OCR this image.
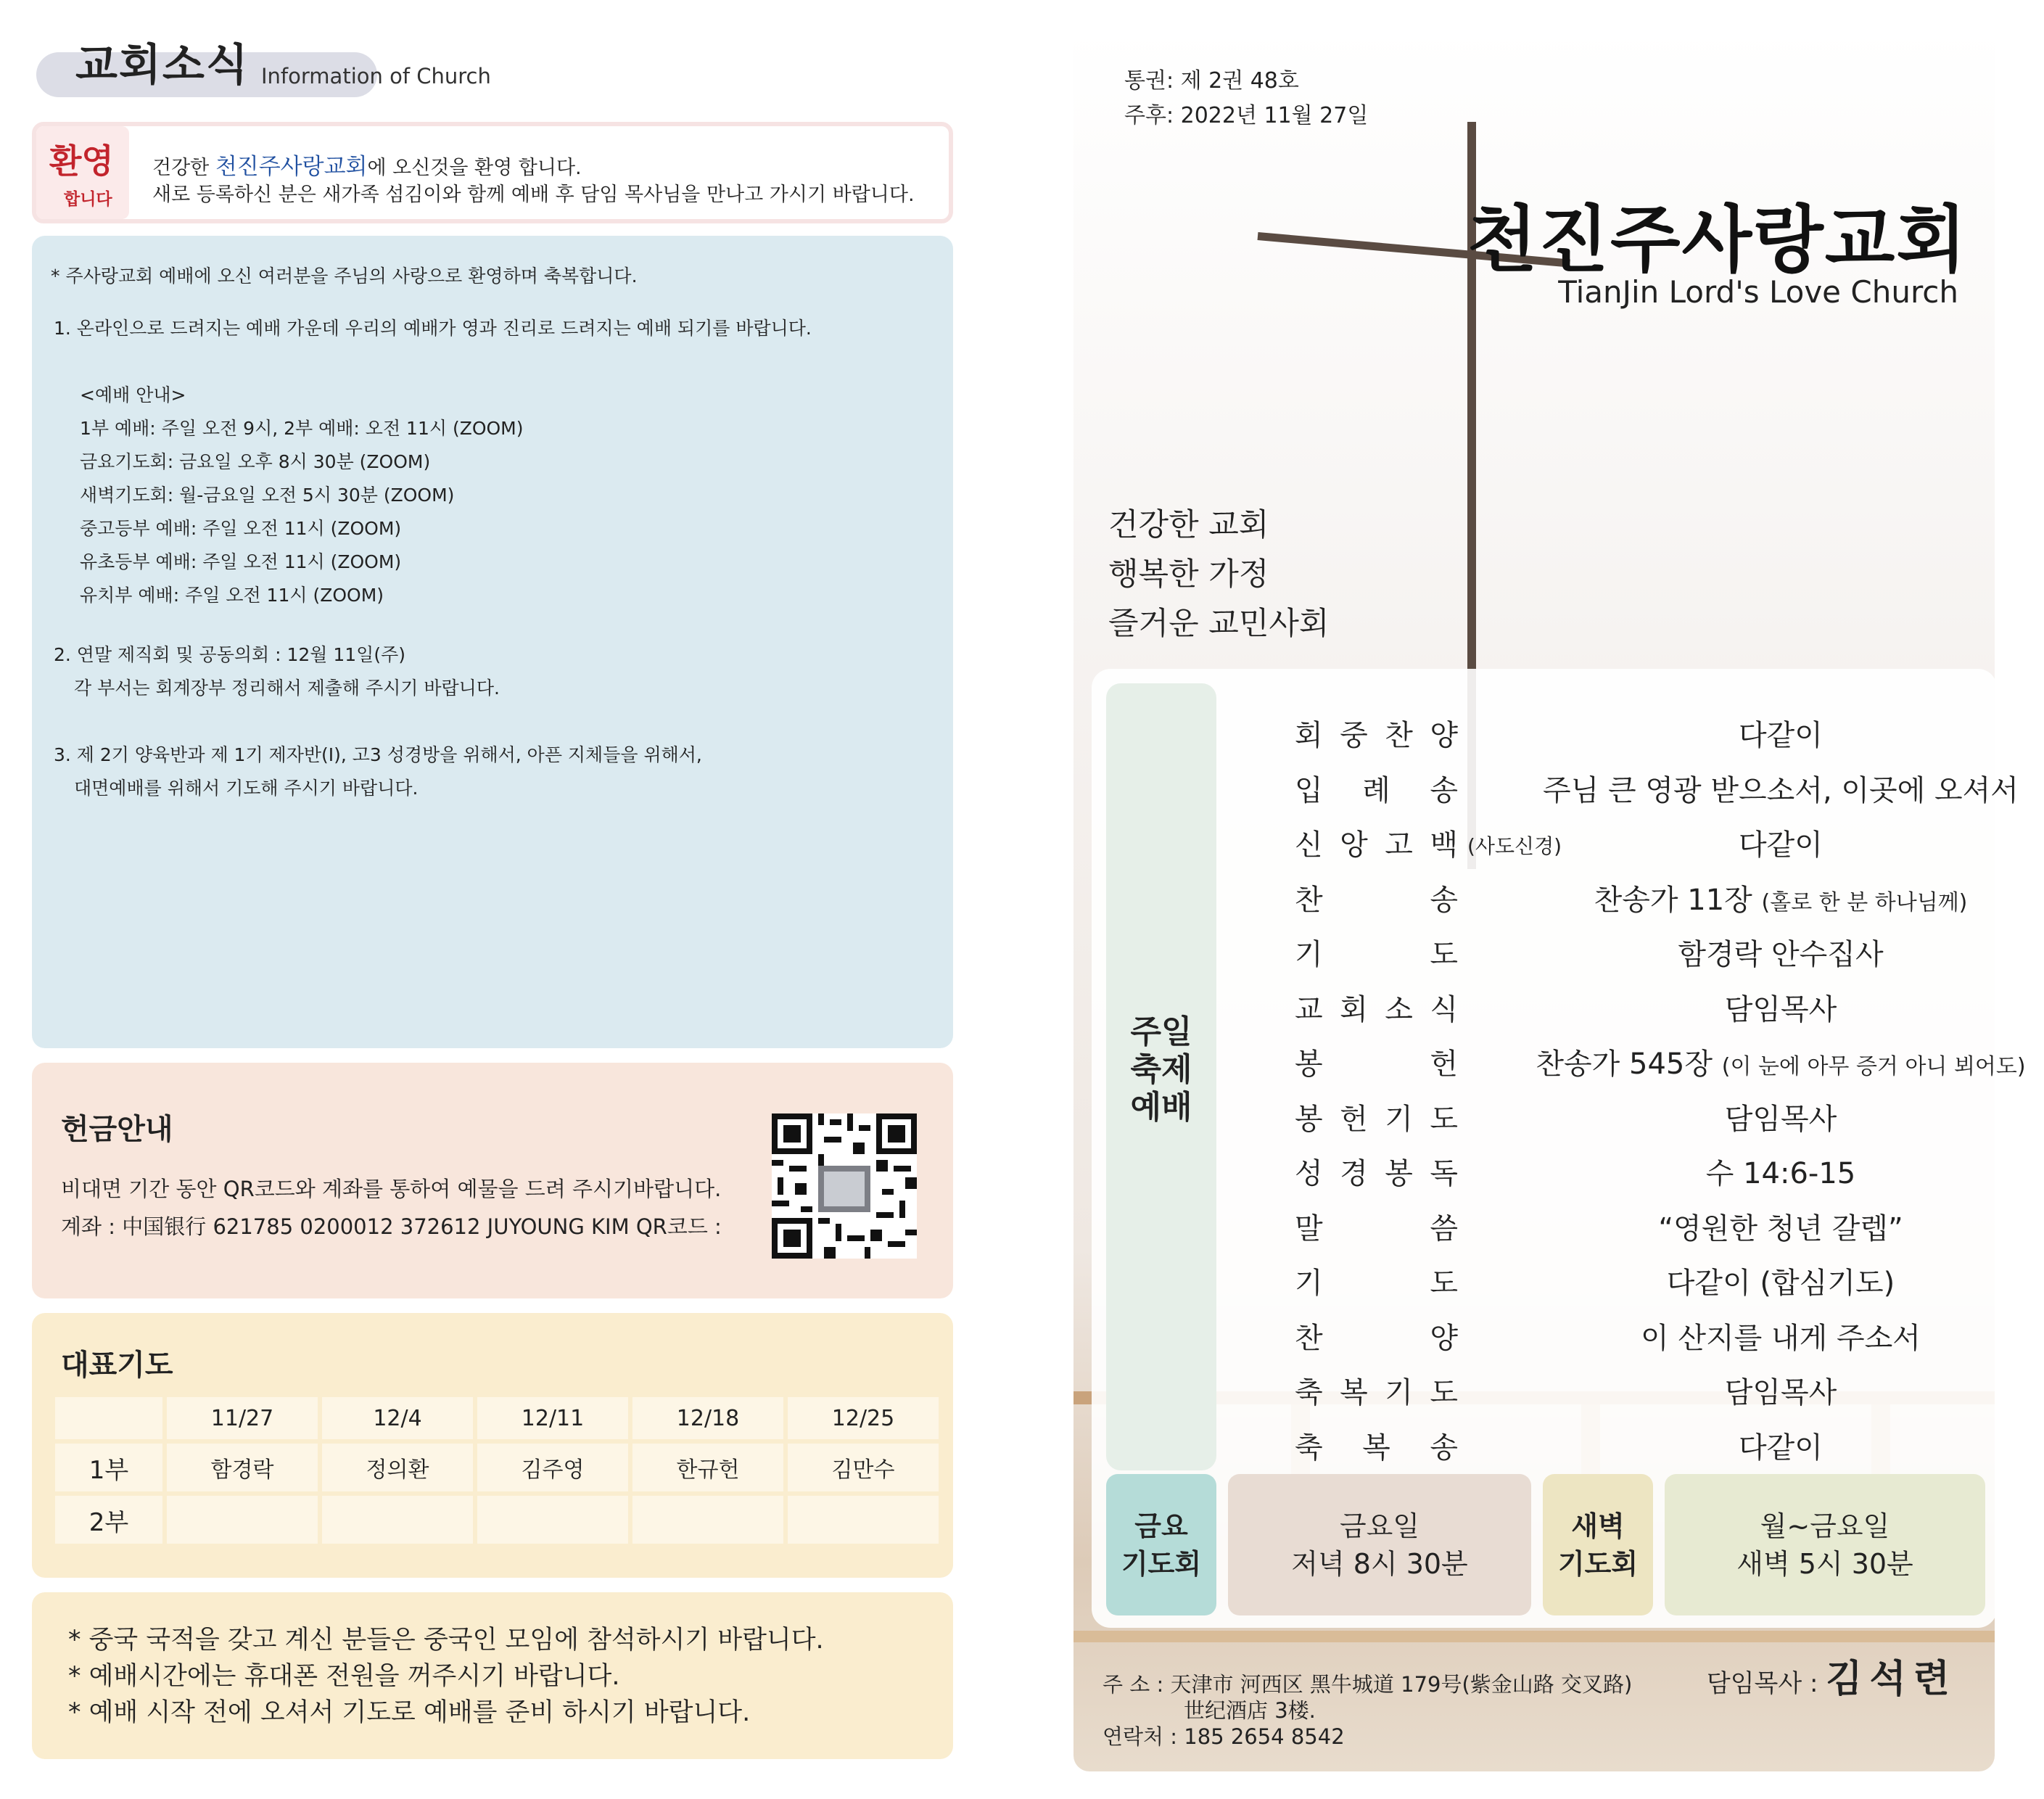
교회소식 Information of Church
환영
합니다
건강한 천진주사랑교회에 오신것을 환영 합니다.
새로 등록하신 분은 새가족 섬김이와 함께 예배 후 담임 목사님을 만나고 가시기 바랍니다.
* 주사랑교회 예배에 오신 여러분을 주님의 사랑으로 환영하며 축복합니다.
1. 온라인으로 드려지는 예배 가운데 우리의 예배가 영과 진리로 드려지는 예배 되기를 바랍니다.
<예배 안내>
1부 예배: 주일 오전 9시, 2부 예배: 오전 11시 (ZOOM)
금요기도회: 금요일 오후 8시 30분 (ZOOM)
새벽기도회: 월-금요일 오전 5시 30분 (ZOOM)
중고등부 예배: 주일 오전 11시 (ZOOM)
유초등부 예배: 주일 오전 11시 (ZOOM)
유치부 예배: 주일 오전 11시 (ZOOM)
2. 연말 제직회 및 공동의회 : 12월 11일(주)
각 부서는 회계장부 정리해서 제출해 주시기 바랍니다.
3. 제 2기 양육반과 제 1기 제자반(Ⅰ), 고3 성경방을 위해서, 아픈 지체들을 위해서,
대면예배를 위해서 기도해 주시기 바랍니다.
헌금안내
비대면 기간 동안 QR코드와 계좌를 통하여 예물을 드려 주시기바랍니다.
계좌 : 中国银行 621785 0200012 372612 JUYOUNG KIM QR코드 :
대표기도
	11/27	12/4	12/11	12/18	12/25
1부	함경락	정의환	김주영	한규헌	김만수
2부					
* 중국 국적을 갖고 계신 분들은 중국인 모임에 참석하시기 바랍니다.
* 예배시간에는 휴대폰 전원을 꺼주시기 바랍니다.
* 예배 시작 전에 오셔서 기도로 예배를 준비 하시기 바랍니다.
통권: 제 2권 48호
주후: 2022년 11월 27일
천진주사랑교회
TianJin Lord's Love Church
건강한 교회
행복한 가정
즐거운 교민사회
주일
축제
예배
회 중 찬 양	다같이
입 례 송	주님 큰 영광 받으소서, 이곳에 오셔서
신 앙 고 백 (사도신경)	다같이
찬	송	찬송가 11장 (홀로 한 분 하나님께)
기	도	함경락 안수집사
교 회 소 식	담임목사
봉	헌	찬송가 545장 (이 눈에 아무 증거 아니 뵈어도)
봉 헌 기 도	담임목사
성 경 봉 독	수 14:6-15
말	씀	“영원한 청년 갈렙”
기	도	다같이 (합심기도)
찬	양	이 산지를 내게 주소서
축 복 기 도	담임목사
축 복 송	다같이
금요
기도회
금요일
저녁 8시 30분
새벽
기도회
월~금요일
새벽 5시 30분
주 소 : 天津市 河西区 黑牛城道 179号(紫金山路 交叉路)
世纪酒店 3楼.
연락처 : 185 2654 8542
담임목사 : 김석련
